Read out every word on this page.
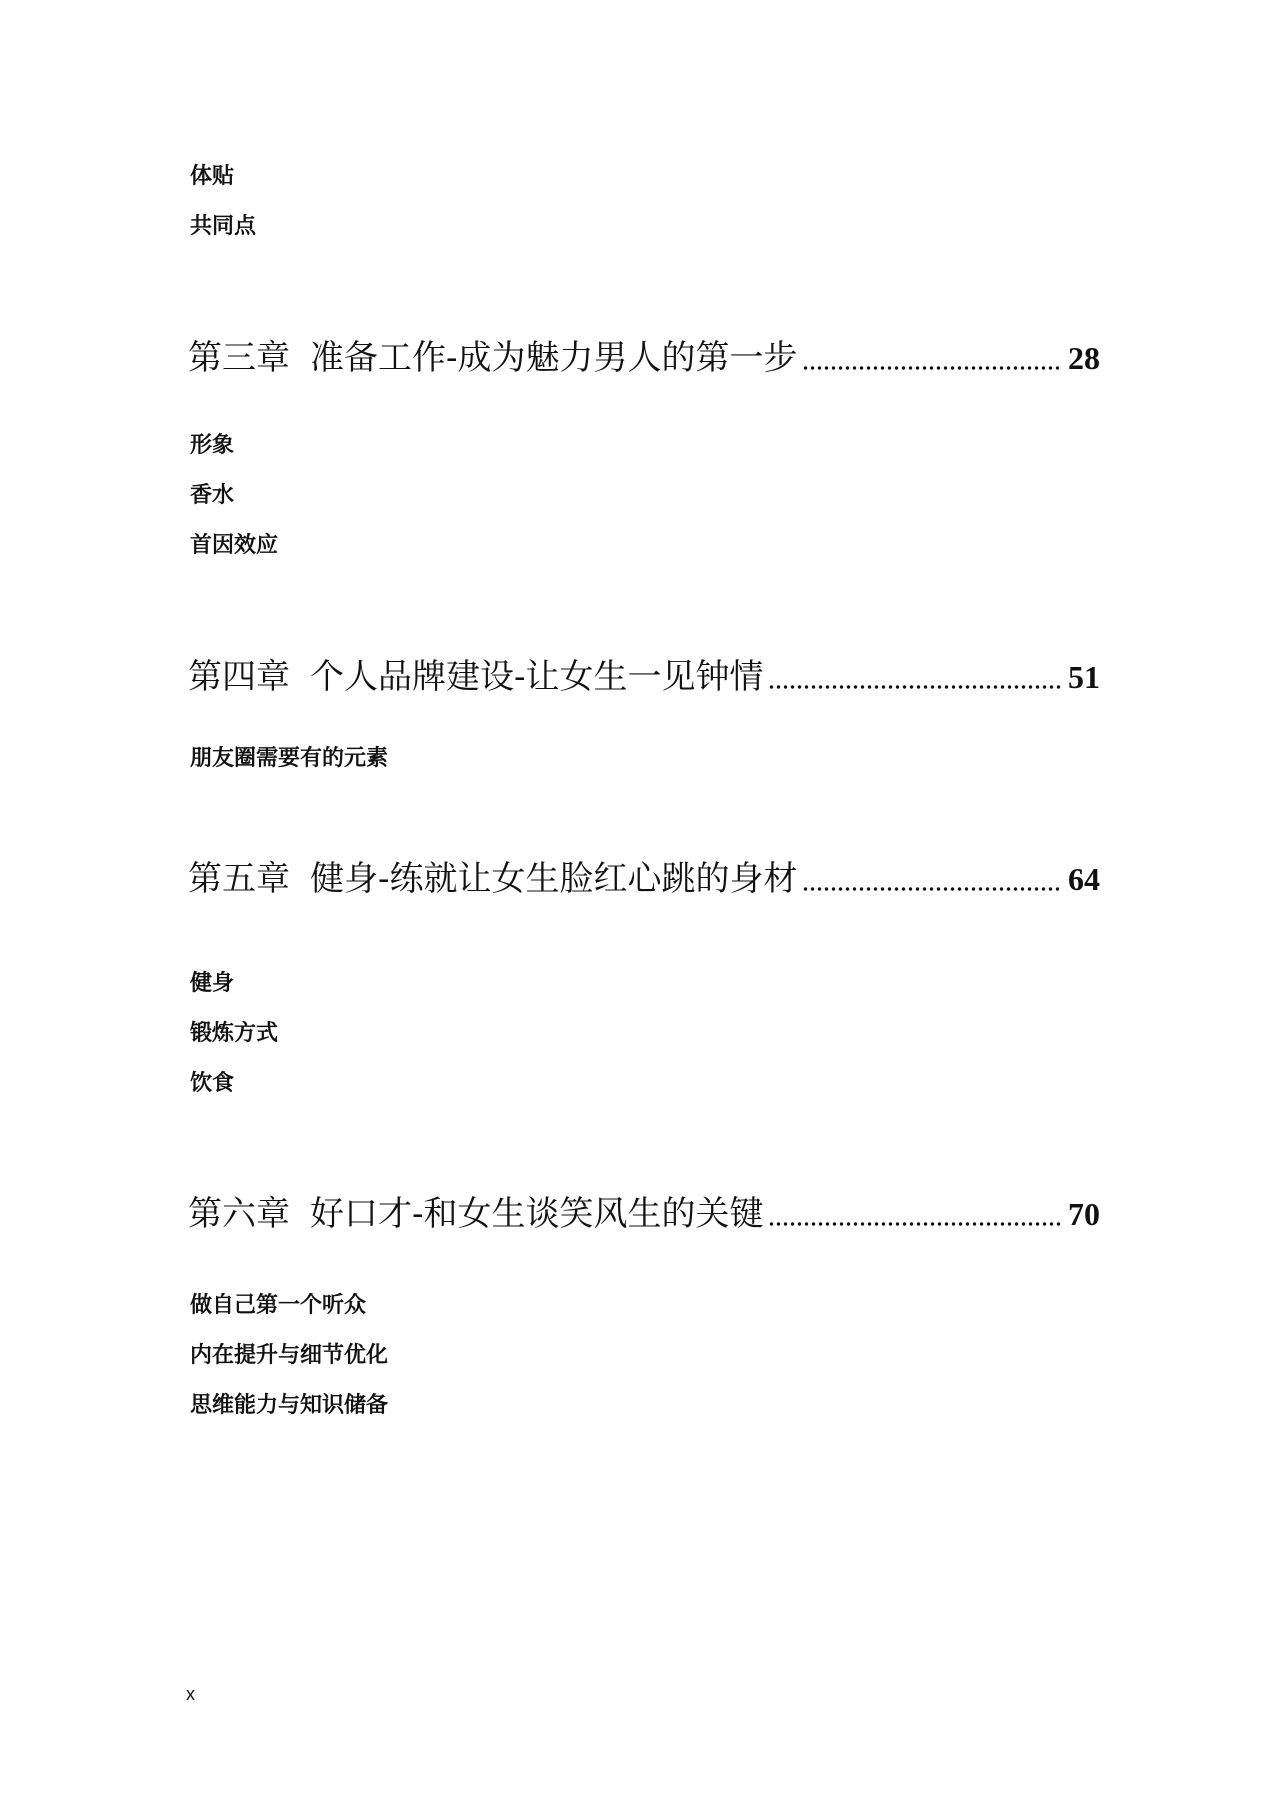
体贴
共同点
第三章 准备工作-成为魅力男人的第一步	28
形象
香水
首因效应
第四章 个人品牌建设-让女生一见钟情	51
朋友圈需要有的元素
第五章 健身-练就让女生脸红心跳的身材	64
健身
锻炼方式
饮食
第六章 好口才-和女生谈笑风生的关键	70
做自己第一个听众
内在提升与细节优化
思维能力与知识储备
x
